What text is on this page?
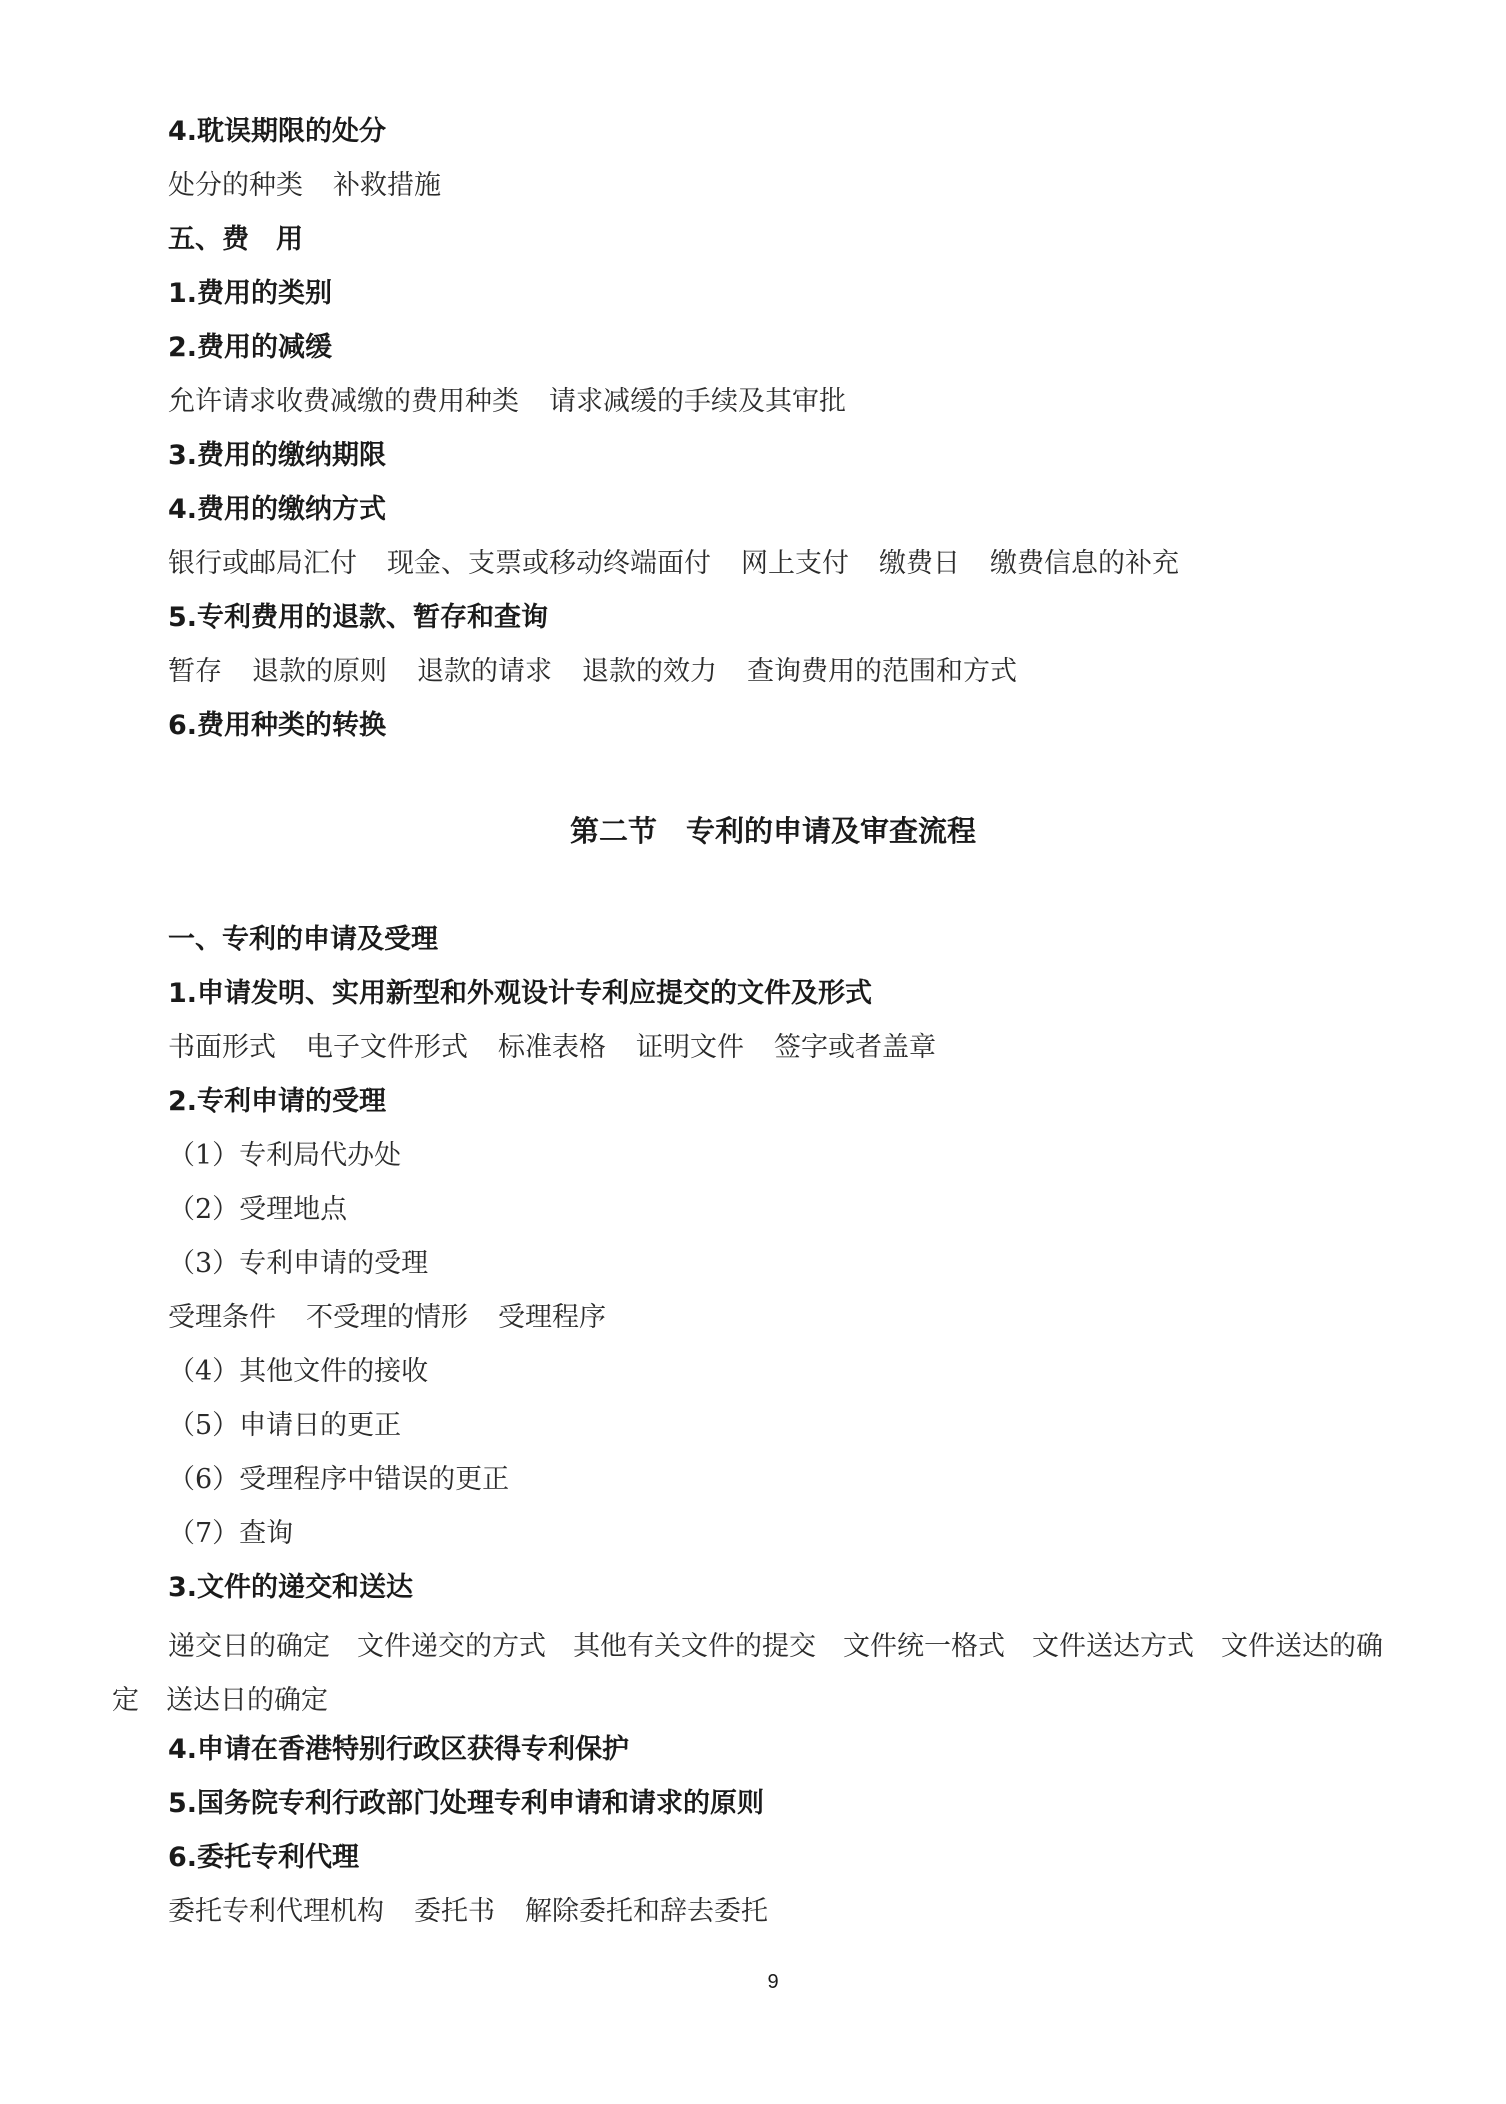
4.耽误期限的处分
处分的种类 补救措施
五、费　用
1.费用的类别
2.费用的减缓
允许请求收费减缴的费用种类 请求减缓的手续及其审批
3.费用的缴纳期限
4.费用的缴纳方式
银行或邮局汇付 现金、支票或移动终端面付 网上支付 缴费日 缴费信息的补充
5.专利费用的退款、暂存和查询
暂存 退款的原则 退款的请求 退款的效力 查询费用的范围和方式
6.费用种类的转换
第二节　专利的申请及审查流程
一、专利的申请及受理
1.申请发明、实用新型和外观设计专利应提交的文件及形式
书面形式 电子文件形式 标准表格 证明文件 签字或者盖章
2.专利申请的受理
（1）专利局代办处
（2）受理地点
（3）专利申请的受理
受理条件 不受理的情形 受理程序
（4）其他文件的接收
（5）申请日的更正
（6）受理程序中错误的更正
（7）查询
3.文件的递交和送达
递交日的确定　文件递交的方式　其他有关文件的提交　文件统一格式　文件送达方式　文件送达的确定　送达日的确定
4.申请在香港特别行政区获得专利保护
5.国务院专利行政部门处理专利申请和请求的原则
6.委托专利代理
委托专利代理机构 委托书 解除委托和辞去委托
9
